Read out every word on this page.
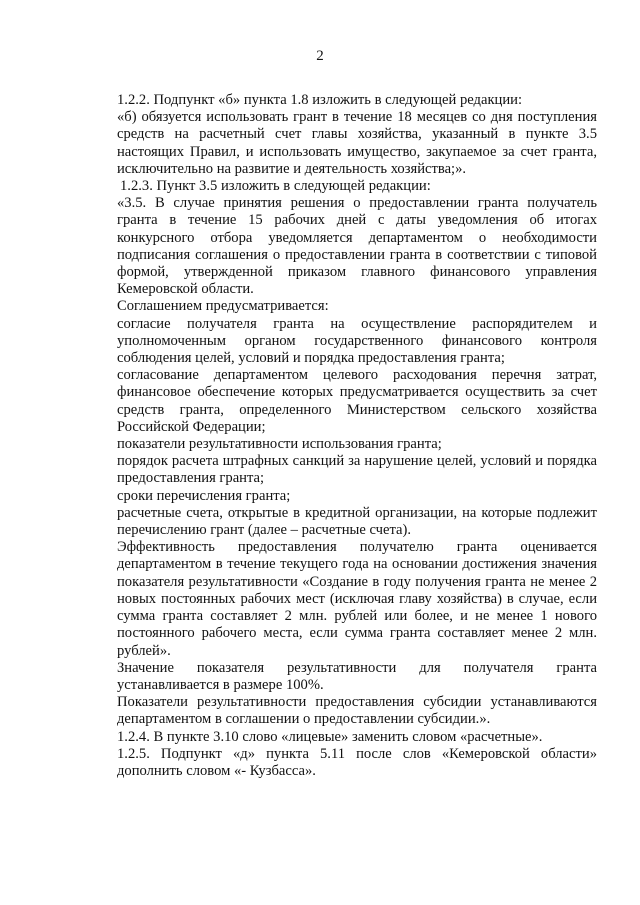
2

1.2.2. Подпункт «б» пункта 1.8 изложить в следующей редакции:

«б) обязуется использовать грант в течение 18 месяцев со дня поступления средств на расчетный счет главы хозяйства, указанный в пункте 3.5 настоящих Правил, и использовать имущество, закупаемое за счет гранта, исключительно на развитие и деятельность хозяйства;».

1.2.3. Пункт 3.5 изложить в следующей редакции:

«3.5. В случае принятия решения о предоставлении гранта получатель гранта в течение 15 рабочих дней с даты уведомления об итогах конкурсного отбора уведомляется департаментом о необходимости подписания соглашения о предоставлении гранта в соответствии с типовой формой, утвержденной приказом главного финансового управления Кемеровской области.

Соглашением предусматривается:

согласие получателя гранта на осуществление распорядителем и уполномоченным органом государственного финансового контроля соблюдения целей, условий и порядка предоставления гранта;

согласование департаментом целевого расходования перечня затрат, финансовое обеспечение которых предусматривается осуществить за счет средств гранта, определенного Министерством сельского хозяйства Российской Федерации;

показатели результативности использования гранта;

порядок расчета штрафных санкций за нарушение целей, условий и порядка предоставления гранта;

сроки перечисления гранта;

расчетные счета, открытые в кредитной организации, на которые подлежит перечислению грант (далее – расчетные счета).

Эффективность предоставления получателю гранта оценивается департаментом в течение текущего года на основании достижения значения показателя результативности «Создание в году получения гранта не менее 2 новых постоянных рабочих мест (исключая главу хозяйства) в случае, если сумма гранта составляет 2 млн. рублей или более, и не менее 1 нового постоянного рабочего места, если сумма гранта составляет менее 2 млн. рублей».

Значение показателя результативности для получателя гранта устанавливается в размере 100%.

Показатели результативности предоставления субсидии устанавливаются департаментом в соглашении о предоставлении субсидии.».

1.2.4. В пункте 3.10 слово «лицевые» заменить словом «расчетные».

1.2.5. Подпункт «д» пункта 5.11 после слов «Кемеровской области» дополнить словом «- Кузбасса».
